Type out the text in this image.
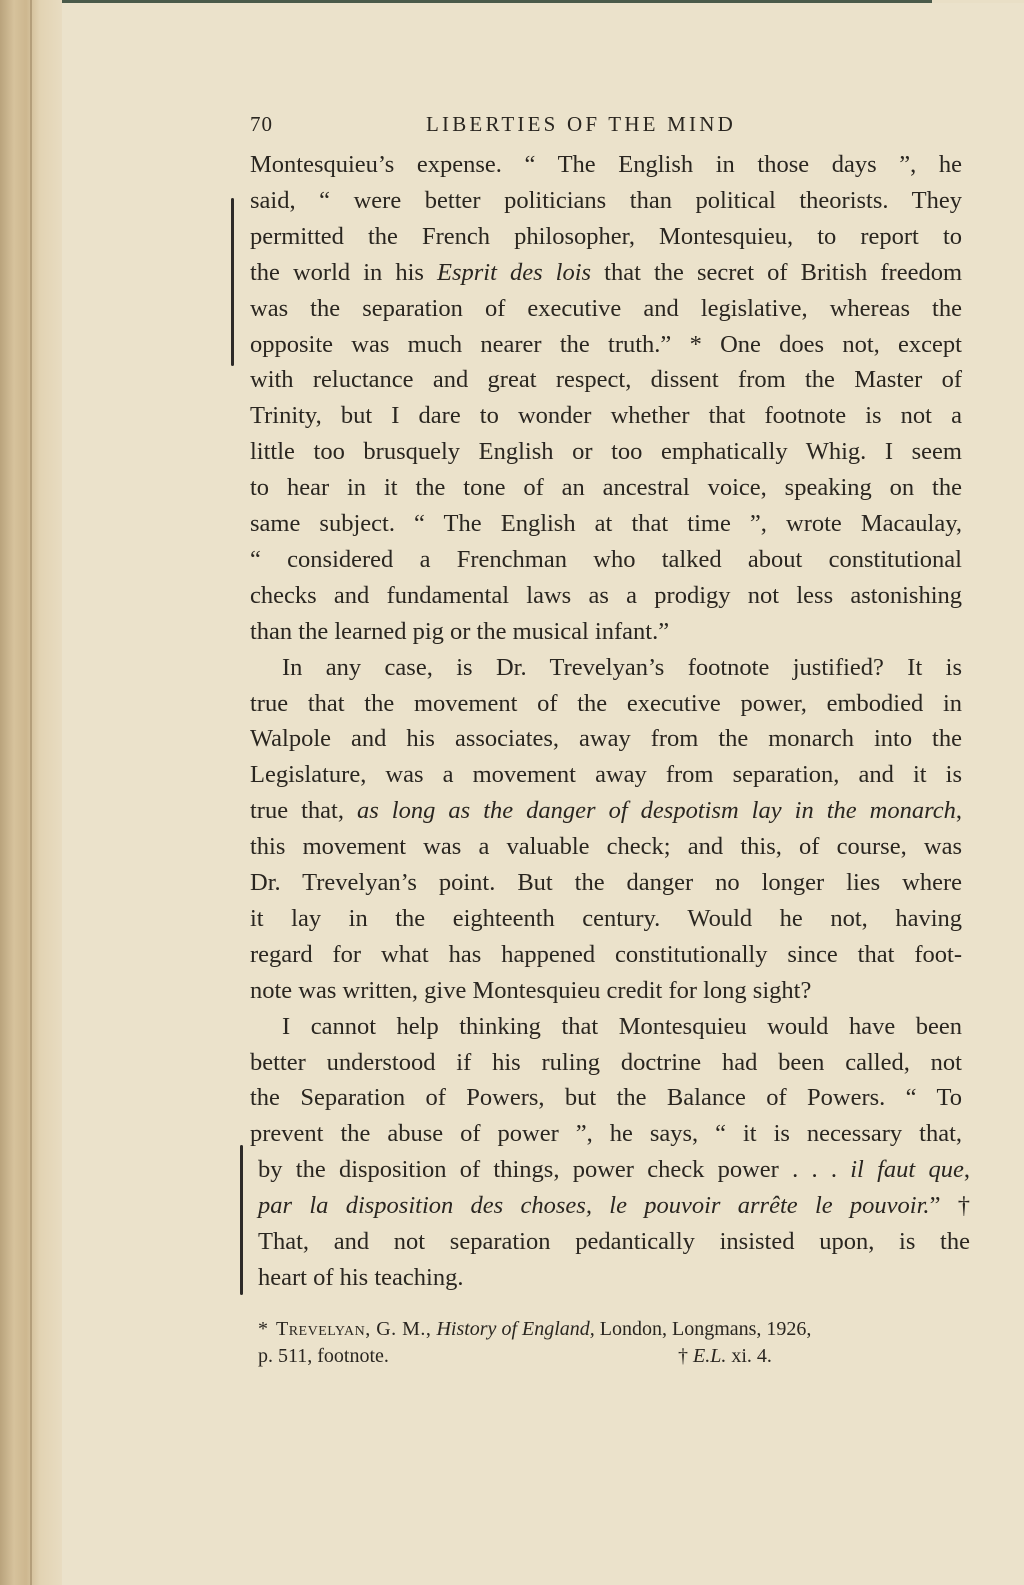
70	LIBERTIES OF THE MIND
Montesquieu’s expense. “ The English in those days ”, he
said, “ were better politicians than political theorists. They
permitted the French philosopher, Montesquieu, to report to
the world in his Esprit des lois that the secret of British freedom
was the separation of executive and legislative, whereas the
opposite was much nearer the truth.” * One does not, except
with reluctance and great respect, dissent from the Master of
Trinity, but I dare to wonder whether that footnote is not a
little too brusquely English or too emphatically Whig. I seem
to hear in it the tone of an ancestral voice, speaking on the
same subject. “ The English at that time ”, wrote Macaulay,
“ considered a Frenchman who talked about constitutional
checks and fundamental laws as a prodigy not less astonishing
than the learned pig or the musical infant.”
In any case, is Dr. Trevelyan’s footnote justified? It is
true that the movement of the executive power, embodied in
Walpole and his associates, away from the monarch into the
Legislature, was a movement away from separation, and it is
true that, as long as the danger of despotism lay in the monarch,
this movement was a valuable check; and this, of course, was
Dr. Trevelyan’s point. But the danger no longer lies where
it lay in the eighteenth century. Would he not, having
regard for what has happened constitutionally since that foot-
note was written, give Montesquieu credit for long sight?
I cannot help thinking that Montesquieu would have been
better understood if his ruling doctrine had been called, not
the Separation of Powers, but the Balance of Powers. “ To
prevent the abuse of power ”, he says, “ it is necessary that,
by the disposition of things, power check power . . . il faut que,
par la disposition des choses, le pouvoir arrête le pouvoir.” †
That, and not separation pedantically insisted upon, is the
heart of his teaching.
* Trevelyan, G. M., History of England, London, Longmans, 1926,
p. 511, footnote.	† E.L. xi. 4.
